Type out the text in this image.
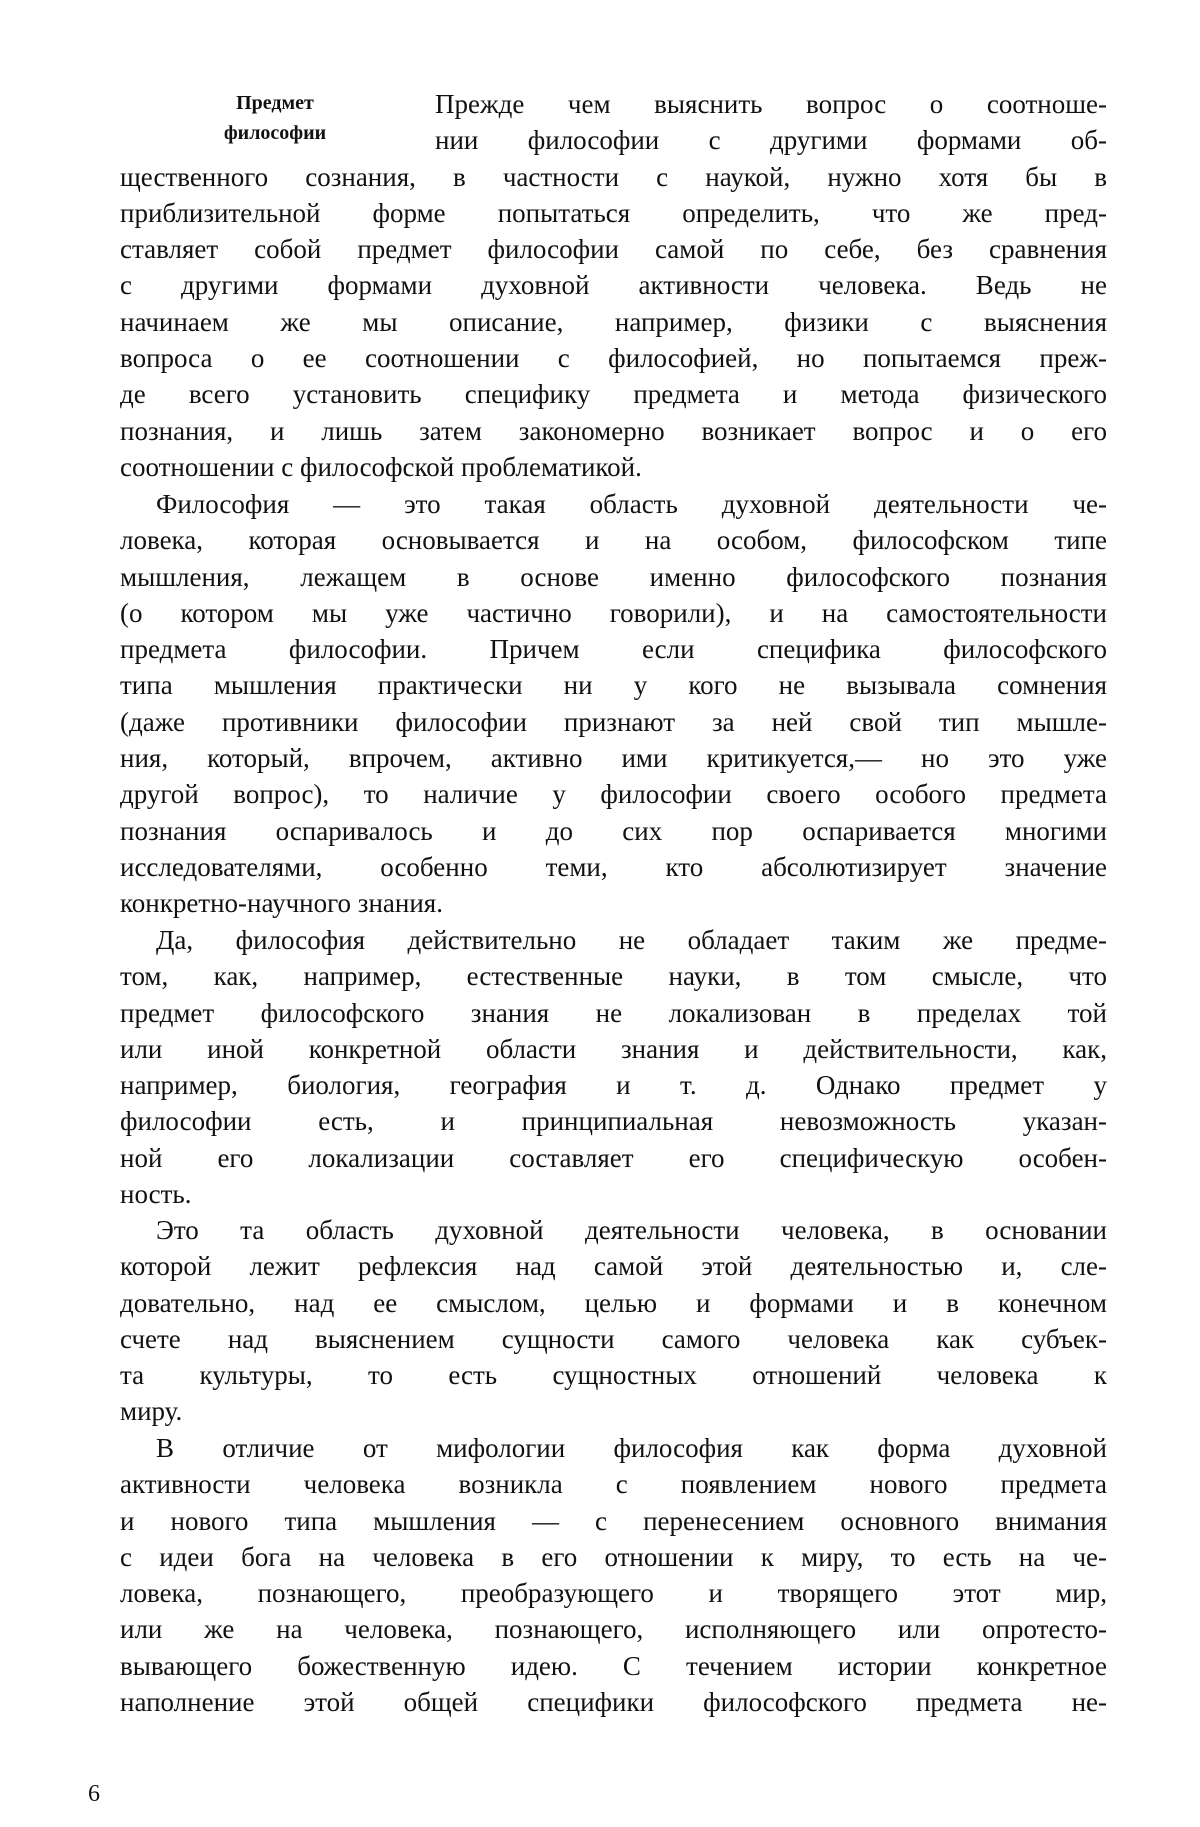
Предмет
философии
Прежде чем выяснить вопрос о соотноше-
нии философии с другими формами об-
щественного сознания, в частности с наукой, нужно хотя бы в
приблизительной форме попытаться определить, что же пред-
ставляет собой предмет философии самой по себе, без сравнения
с другими формами духовной активности человека. Ведь не
начинаем же мы описание, например, физики с выяснения
вопроса о ее соотношении с философией, но попытаемся преж-
де всего установить специфику предмета и метода физического
познания, и лишь затем закономерно возникает вопрос и о его
соотношении с философской проблематикой.
Философия — это такая область духовной деятельности че-
ловека, которая основывается и на особом, философском типе
мышления, лежащем в основе именно философского познания
(о котором мы уже частично говорили), и на самостоятельности
предмета философии. Причем если специфика философского
типа мышления практически ни у кого не вызывала сомнения
(даже противники философии признают за ней свой тип мышле-
ния, который, впрочем, активно ими критикуется,— но это уже
другой вопрос), то наличие у философии своего особого предмета
познания оспаривалось и до сих пор оспаривается многими
исследователями, особенно теми, кто абсолютизирует значение
конкретно-научного знания.
Да, философия действительно не обладает таким же предме-
том, как, например, естественные науки, в том смысле, что
предмет философского знания не локализован в пределах той
или иной конкретной области знания и действительности, как,
например, биология, география и т. д. Однако предмет у
философии есть, и принципиальная невозможность указан-
ной его локализации составляет его специфическую особен-
ность.
Это та область духовной деятельности человека, в основании
которой лежит рефлексия над самой этой деятельностью и, сле-
довательно, над ее смыслом, целью и формами и в конечном
счете над выяснением сущности самого человека как субъек-
та культуры, то есть сущностных отношений человека к
миру.
В отличие от мифологии философия как форма духовной
активности человека возникла с появлением нового предмета
и нового типа мышления — с перенесением основного внимания
с идеи бога на человека в его отношении к миру, то есть на че-
ловека, познающего, преобразующего и творящего этот мир,
или же на человека, познающего, исполняющего или опротесто-
вывающего божественную идею. С течением истории конкретное
наполнение этой общей специфики философского предмета не-
6
